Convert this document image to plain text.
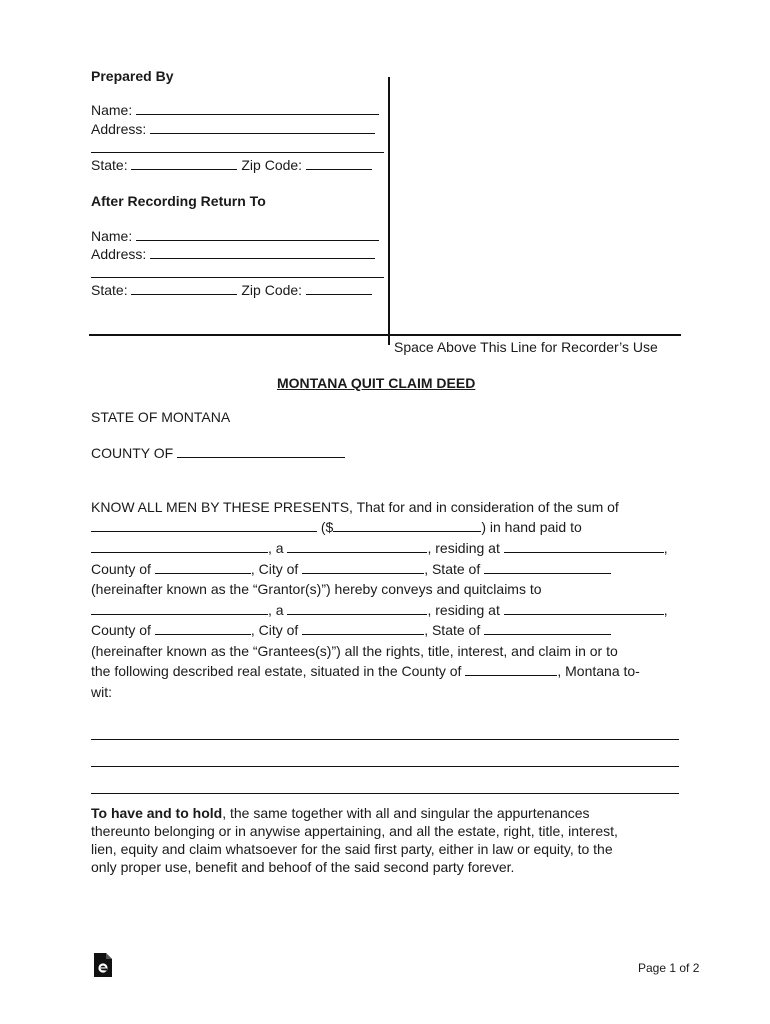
Prepared By
Name:
Address:
State:	Zip Code:
After Recording Return To
Name:
Address:
State:	Zip Code:
Space Above This Line for Recorder’s Use
MONTANA QUIT CLAIM DEED
STATE OF MONTANA
COUNTY OF
KNOW ALL MEN BY THESE PRESENTS, That for and in consideration of the sum of
($	) in hand paid to
, a	, residing at	,
County of	, City of	, State of
(hereinafter known as the “Grantor(s)”) hereby conveys and quitclaims to
, a	, residing at	,
County of	, City of	, State of
(hereinafter known as the “Grantees(s)”) all the rights, title, interest, and claim in or to
the following described real estate, situated in the County of	, Montana to-
wit:
To have and to hold, the same together with all and singular the appurtenances
thereunto belonging or in anywise appertaining, and all the estate, right, title, interest,
lien, equity and claim whatsoever for the said first party, either in law or equity, to the
only proper use, benefit and behoof of the said second party forever.
Page 1 of 2
